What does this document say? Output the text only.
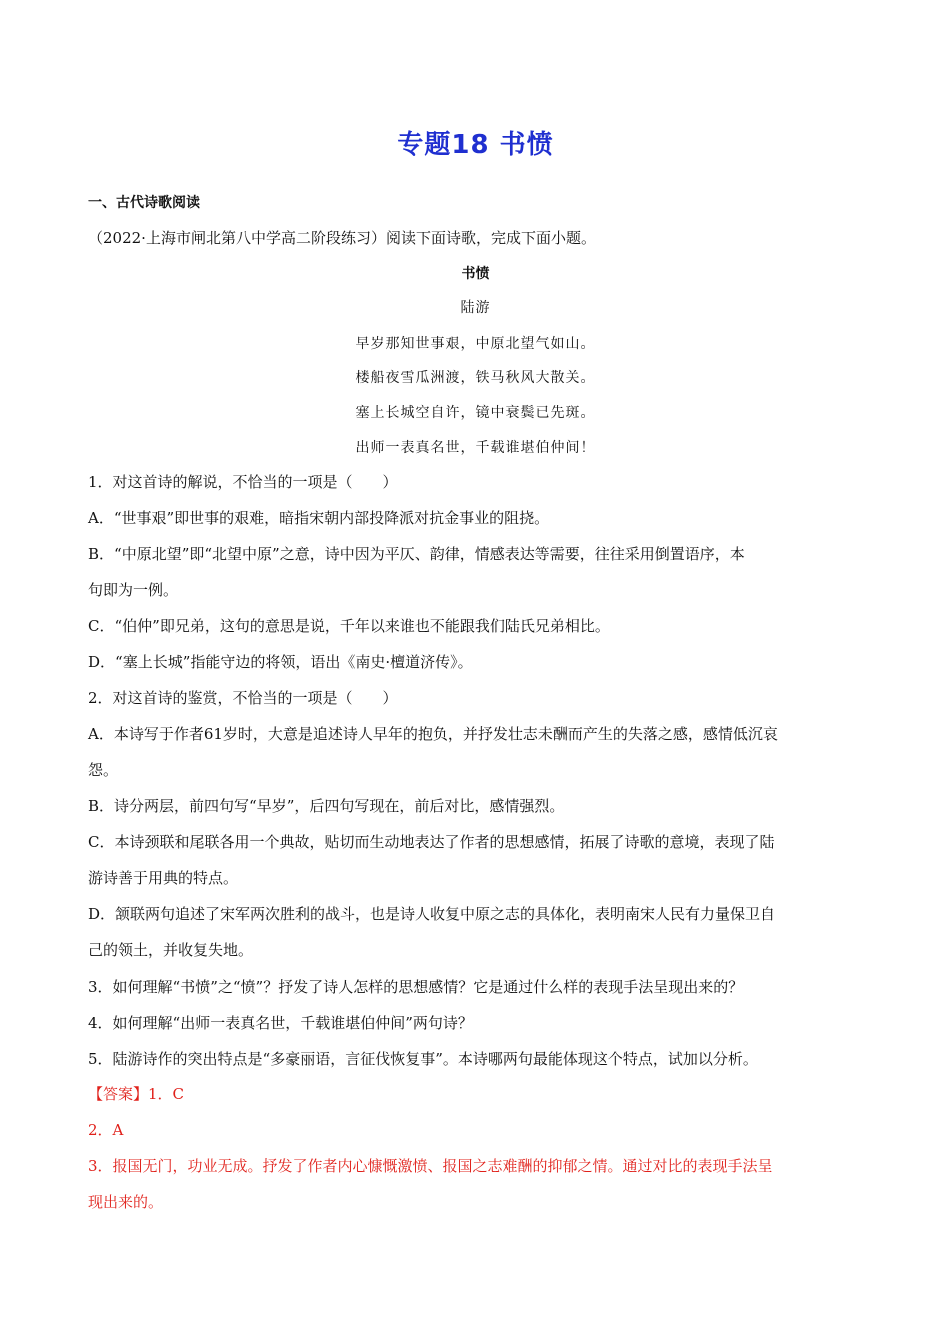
专题18 书愤
一、古代诗歌阅读
（2022·上海市闸北第八中学高二阶段练习）阅读下面诗歌，完成下面小题。
书愤
陆游
早岁那知世事艰，中原北望气如山。
楼船夜雪瓜洲渡，铁马秋风大散关。
塞上长城空自许，镜中衰鬓已先斑。
出师一表真名世，千载谁堪伯仲间！
1．对这首诗的解说，不恰当的一项是（　　）
A．“世事艰”即世事的艰难，暗指宋朝内部投降派对抗金事业的阻挠。
B．“中原北望”即“北望中原”之意，诗中因为平仄、韵律，情感表达等需要，往往采用倒置语序，本
句即为一例。
C．“伯仲”即兄弟，这句的意思是说，千年以来谁也不能跟我们陆氏兄弟相比。
D．“塞上长城”指能守边的将领，语出《南史·檀道济传》。
2．对这首诗的鉴赏，不恰当的一项是（　　）
A．本诗写于作者61岁时，大意是追述诗人早年的抱负，并抒发壮志未酬而产生的失落之感，感情低沉哀
怨。
B．诗分两层，前四句写“早岁”，后四句写现在，前后对比，感情强烈。
C．本诗颈联和尾联各用一个典故，贴切而生动地表达了作者的思想感情，拓展了诗歌的意境，表现了陆
游诗善于用典的特点。
D．颔联两句追述了宋军两次胜利的战斗，也是诗人收复中原之志的具体化，表明南宋人民有力量保卫自
己的领土，并收复失地。
3．如何理解“书愤”之“愤”？抒发了诗人怎样的思想感情？它是通过什么样的表现手法呈现出来的？
4．如何理解“出师一表真名世，千载谁堪伯仲间”两句诗？
5．陆游诗作的突出特点是“多豪丽语，言征伐恢复事”。本诗哪两句最能体现这个特点，试加以分析。
【答案】1．C
2．A
3．报国无门，功业无成。抒发了作者内心慷慨激愤、报国之志难酬的抑郁之情。通过对比的表现手法呈
现出来的。
